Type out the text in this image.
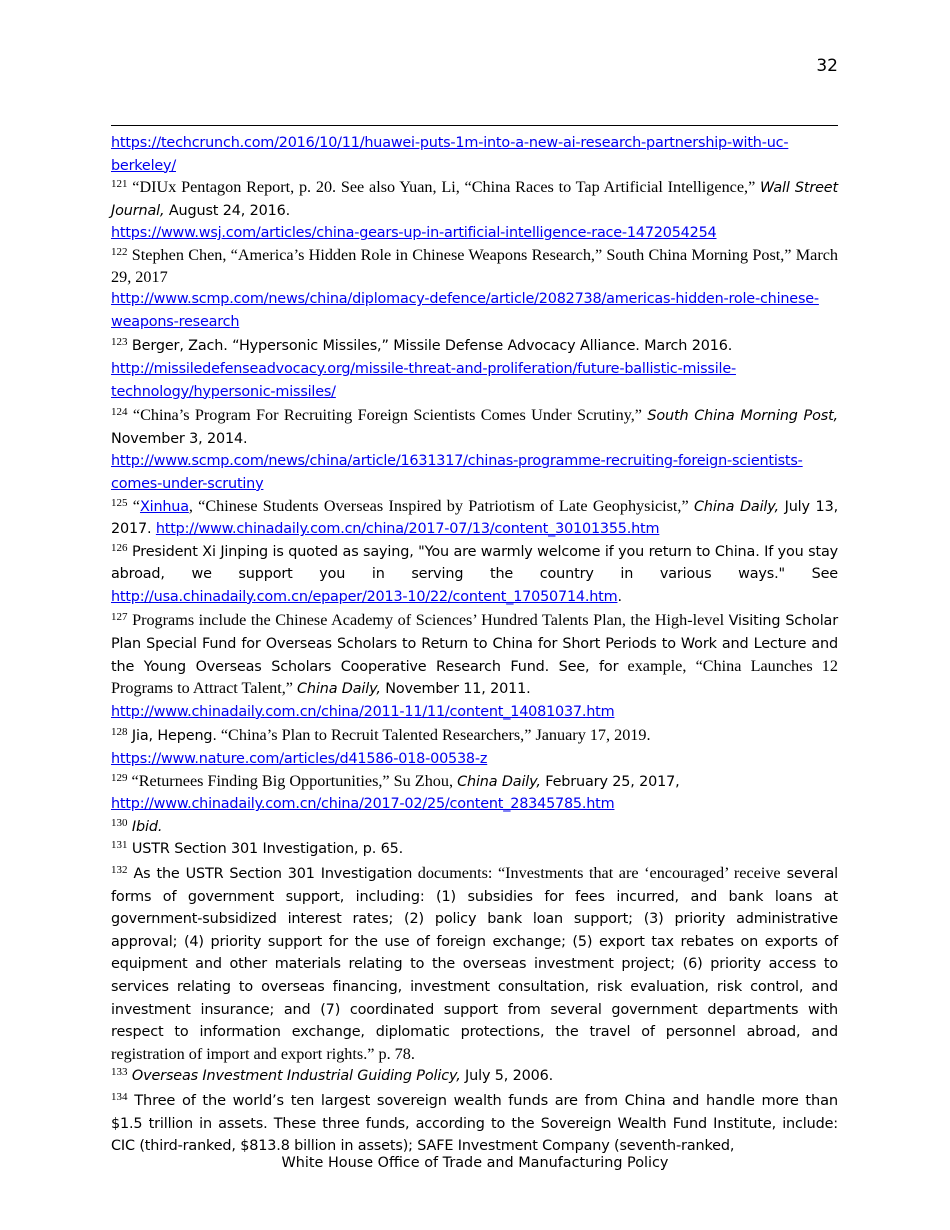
32

https://techcrunch.com/2016/10/11/huawei-puts-1m-into-a-new-ai-research-partnership-with-uc-berkeley/

$^{121}$ “DIUx Pentagon Report, p. 20. See also Yuan, Li, “China Races to Tap Artificial Intelligence,” Wall Street Journal, August 24, 2016.
https://www.wsj.com/articles/china-gears-up-in-artificial-intelligence-race-1472054254

$^{122}$ Stephen Chen, “America’s Hidden Role in Chinese Weapons Research,” South China Morning Post,” March 29, 2017
http://www.scmp.com/news/china/diplomacy-defence/article/2082738/americas-hidden-role-chinese-weapons-research

$^{123}$ Berger, Zach. “Hypersonic Missiles,” Missile Defense Advocacy Alliance. March 2016.
http://missiledefenseadvocacy.org/missile-threat-and-proliferation/future-ballistic-missile-technology/hypersonic-missiles/

$^{124}$ “China’s Program For Recruiting Foreign Scientists Comes Under Scrutiny,” South China Morning Post, November 3, 2014.
http://www.scmp.com/news/china/article/1631317/chinas-programme-recruiting-foreign-scientists-comes-under-scrutiny

$^{125}$ “Xinhua, “Chinese Students Overseas Inspired by Patriotism of Late Geophysicist,” China Daily, July 13, 2017. http://www.chinadaily.com.cn/china/2017-07/13/content_30101355.htm

$^{126}$ President Xi Jinping is quoted as saying, "You are warmly welcome if you return to China. If you stay abroad, we support you in serving the country in various ways." See http://usa.chinadaily.com.cn/epaper/2013-10/22/content_17050714.htm.

$^{127}$ Programs include the Chinese Academy of Sciences’ Hundred Talents Plan, the High-level Visiting Scholar Plan Special Fund for Overseas Scholars to Return to China for Short Periods to Work and Lecture and the Young Overseas Scholars Cooperative Research Fund. See, for example, “China Launches 12 Programs to Attract Talent,” China Daily, November 11, 2011.
http://www.chinadaily.com.cn/china/2011-11/11/content_14081037.htm

$^{128}$ Jia, Hepeng. “China’s Plan to Recruit Talented Researchers,” January 17, 2019.
https://www.nature.com/articles/d41586-018-00538-z

$^{129}$ “Returnees Finding Big Opportunities,” Su Zhou, China Daily, February 25, 2017,
http://www.chinadaily.com.cn/china/2017-02/25/content_28345785.htm

$^{130}$ Ibid.

$^{131}$ USTR Section 301 Investigation, p. 65.

$^{132}$ As the USTR Section 301 Investigation documents: “Investments that are ‘encouraged’ receive several forms of government support, including: (1) subsidies for fees incurred, and bank loans at government-subsidized interest rates; (2) policy bank loan support; (3) priority administrative approval; (4) priority support for the use of foreign exchange; (5) export tax rebates on exports of equipment and other materials relating to the overseas investment project; (6) priority access to services relating to overseas financing, investment consultation, risk evaluation, risk control, and investment insurance; and (7) coordinated support from several government departments with respect to information exchange, diplomatic protections, the travel of personnel abroad, and registration of import and export rights.” p. 78.

$^{133}$ Overseas Investment Industrial Guiding Policy, July 5, 2006.

$^{134}$ Three of the world’s ten largest sovereign wealth funds are from China and handle more than $1.5 trillion in assets. These three funds, according to the Sovereign Wealth Fund Institute, include: CIC (third-ranked, $813.8 billion in assets); SAFE Investment Company (seventh-ranked,

White House Office of Trade and Manufacturing Policy
